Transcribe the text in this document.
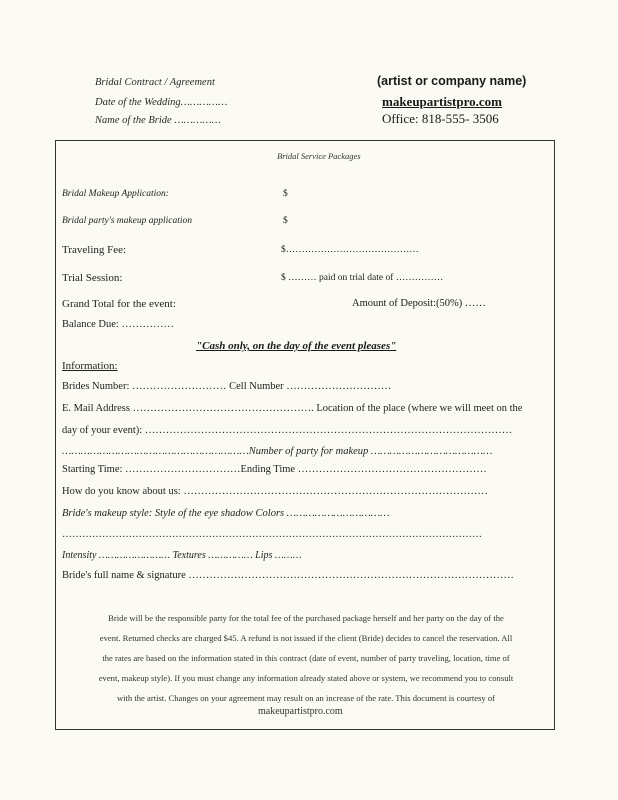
Bridal Contract / Agreement
Date of the Wedding……………
Name of the Bride ……………
(artist or company name)
makeupartistpro.com
Office: 818-555- 3506
Bridal Service Packages
Bridal Makeup Application:	$
Bridal party's makeup application	$
Traveling Fee:	$……………………………………
Trial Session:	$ ……… paid on trial date of ……………
Grand Total for the event:	Amount of Deposit:(50%) ……
Balance Due: ……………
"Cash only, on the day of the event pleases"
Information:
Brides Number: ……………………… Cell Number …………………………
E. Mail Address ……………………………………………. Location of the place (where we will meet on the
day of your event): ……………………………………………………………………………………………
……………………………………………………Number of party for makeup …………………………………
Starting Time: ……………………………Ending Time ………………………………………………
How do you know about us: ……………………………………………………………………………
Bride's makeup style: Style of the eye shadow Colors ……………………………
………………………………………………………………………………………………………………
Intensity …………………… Textures …………… Lips ………
Bride's full name & signature …………………………………………………………………………………
Bride will be the responsible party for the total fee of the purchased package herself and her party on the day of the
event. Returned checks are charged $45. A refund is not issued if the client (Bride) decides to cancel the reservation. All
the rates are based on the information stated in this contract (date of event, number of party traveling, location, time of
event, makeup style). If you must change any information already stated above or system, we recommend you to consult
with the artist. Changes on your agreement may result on an increase of the rate. This document is courtesy of
makeupartistpro.com
